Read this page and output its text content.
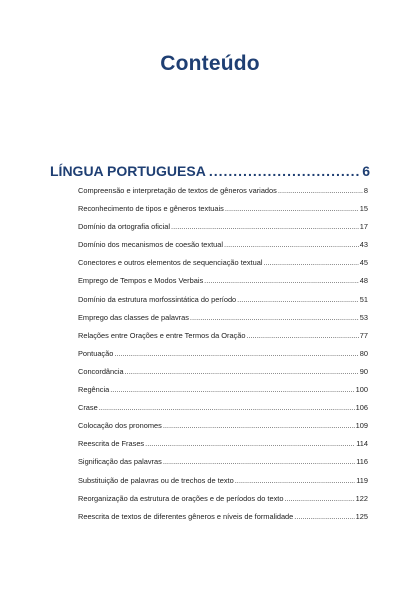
Conteúdo
LÍNGUA PORTUGUESA .....	6
Compreensão e interpretação de textos de gêneros variados .....	8
Reconhecimento de tipos e gêneros textuais .....	15
Domínio da ortografia oficial .....	17
Domínio dos mecanismos de coesão textual .....	43
Conectores e outros elementos de sequenciação textual .....	45
Emprego de Tempos e Modos Verbais .....	48
Domínio da estrutura morfossintática do período .....	51
Emprego das classes de palavras .....	53
Relações entre Orações e entre Termos da Oração .....	77
Pontuação .....	80
Concordância .....	90
Regência .....	100
Crase .....	106
Colocação dos pronomes .....	109
Reescrita de Frases .....	114
Significação das palavras .....	116
Substituição de palavras ou de trechos de texto .....	119
Reorganização da estrutura de orações e de períodos do texto .....	122
Reescrita de textos de diferentes gêneros e níveis de formalidade .....	125
